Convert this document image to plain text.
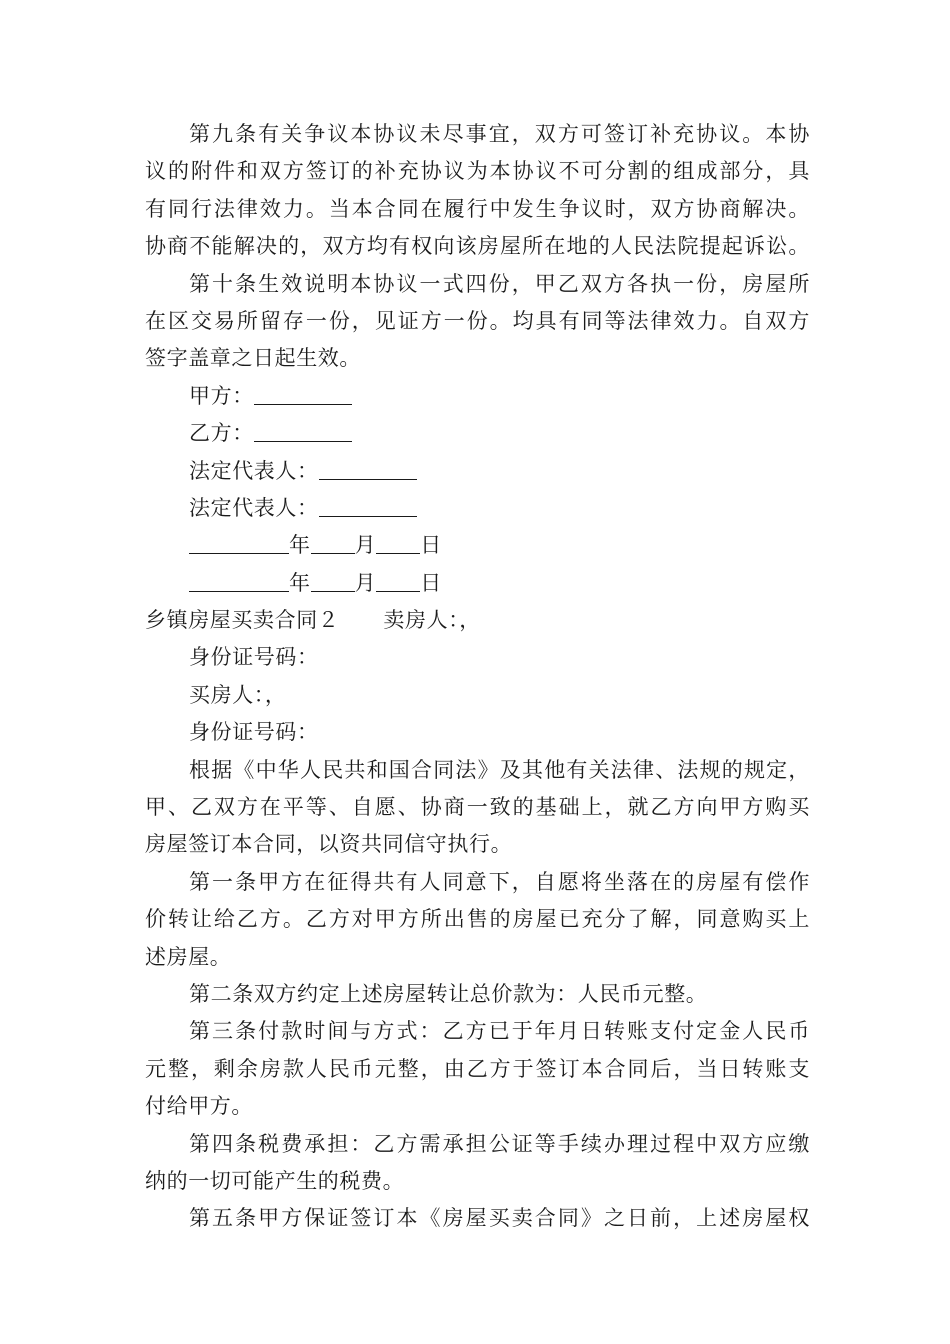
第九条有关争议本协议未尽事宜，双方可签订补充协议。本协
议的附件和双方签订的补充协议为本协议不可分割的组成部分，具
有同行法律效力。当本合同在履行中发生争议时，双方协商解决。
协商不能解决的，双方均有权向该房屋所在地的人民法院提起诉讼。
第十条生效说明本协议一式四份，甲乙双方各执一份，房屋所
在区交易所留存一份，见证方一份。均具有同等法律效力。自双方
签字盖章之日起生效。
甲方：
乙方：
法定代表人：
法定代表人：
年 月 日
年 月 日
乡镇房屋买卖合同２ 卖房人：，
身份证号码：
买房人：，
身份证号码：
根据《中华人民共和国合同法》及其他有关法律、法规的规定，
甲、乙双方在平等、自愿、协商一致的基础上，就乙方向甲方购买
房屋签订本合同，以资共同信守执行。
第一条甲方在征得共有人同意下，自愿将坐落在的房屋有偿作
价转让给乙方。乙方对甲方所出售的房屋已充分了解，同意购买上
述房屋。
第二条双方约定上述房屋转让总价款为：人民币元整。
第三条付款时间与方式：乙方已于年月日转账支付定金人民币
元整，剩余房款人民币元整，由乙方于签订本合同后，当日转账支
付给甲方。
第四条税费承担：乙方需承担公证等手续办理过程中双方应缴
纳的一切可能产生的税费。
第五条甲方保证签订本《房屋买卖合同》之日前，上述房屋权
